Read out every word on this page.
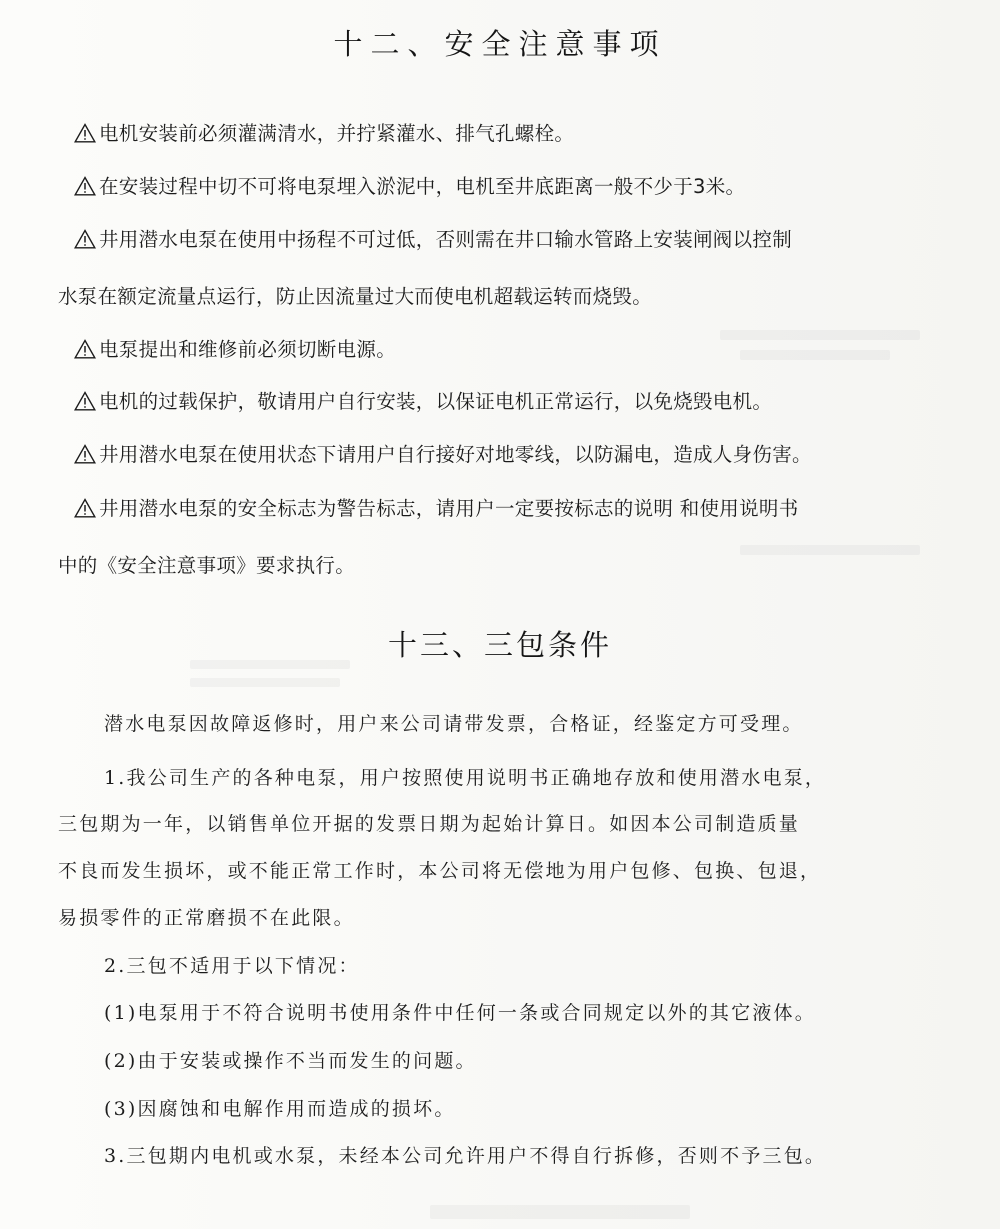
十二、安全注意事项
电机安装前必须灌满清水，并拧紧灌水、排气孔螺栓。
在安装过程中切不可将电泵埋入淤泥中，电机至井底距离一般不少于3米。
井用潜水电泵在使用中扬程不可过低，否则需在井口输水管路上安装闸阀以控制
水泵在额定流量点运行，防止因流量过大而使电机超载运转而烧毁。
电泵提出和维修前必须切断电源。
电机的过载保护，敬请用户自行安装，以保证电机正常运行，以免烧毁电机。
井用潜水电泵在使用状态下请用户自行接好对地零线，以防漏电，造成人身伤害。
井用潜水电泵的安全标志为警告标志，请用户一定要按标志的说明 和使用说明书
中的《安全注意事项》要求执行。
十三、三包条件
潜水电泵因故障返修时，用户来公司请带发票，合格证，经鉴定方可受理。
1.我公司生产的各种电泵，用户按照使用说明书正确地存放和使用潜水电泵，
三包期为一年，以销售单位开据的发票日期为起始计算日。如因本公司制造质量
不良而发生损坏，或不能正常工作时，本公司将无偿地为用户包修、包换、包退，
易损零件的正常磨损不在此限。
2.三包不适用于以下情况：
(1)电泵用于不符合说明书使用条件中任何一条或合同规定以外的其它液体。
(2)由于安装或操作不当而发生的问题。
(3)因腐蚀和电解作用而造成的损坏。
3.三包期内电机或水泵，未经本公司允许用户不得自行拆修，否则不予三包。
